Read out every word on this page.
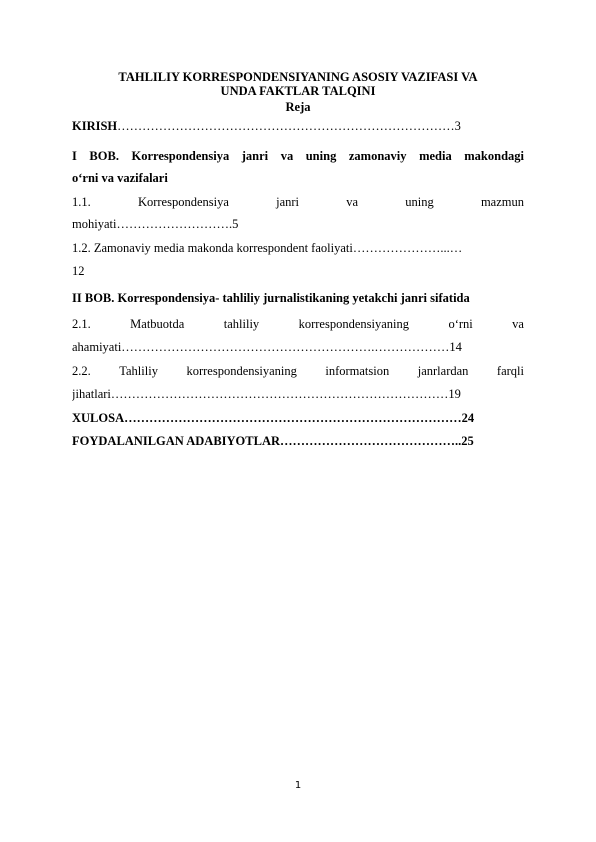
TAHLILIY KORRESPONDENSIYANING ASOSIY VAZIFASI VA
UNDA FAKTLAR TALQINI
Reja
KIRISH………………………………………………………………………3
I BOB. Korrespondensiya janri va uning zamonaviy media makondagi
o‘rni va vazifalari
1.1.	Korrespondensiya	janri	va	uning	mazmun
mohiyati……………………….5
1.2. Zamonaviy media makonda korrespondent faoliyati…………………...…
12
II BOB. Korrespondensiya- tahliliy jurnalistikaning yetakchi janri sifatida
2.1.	Matbuotda	tahliliy	korrespondensiyaning	o‘rni	va
ahamiyati…………………………………………………….………………14
2.2. Tahliliy korrespondensiyaning informatsion janrlardan farqli
jihatlari………………………………………………………………………19
XULOSA………………………………………………………………………24
FOYDALANILGAN ADABIYOTLAR……………………………………..25
1
